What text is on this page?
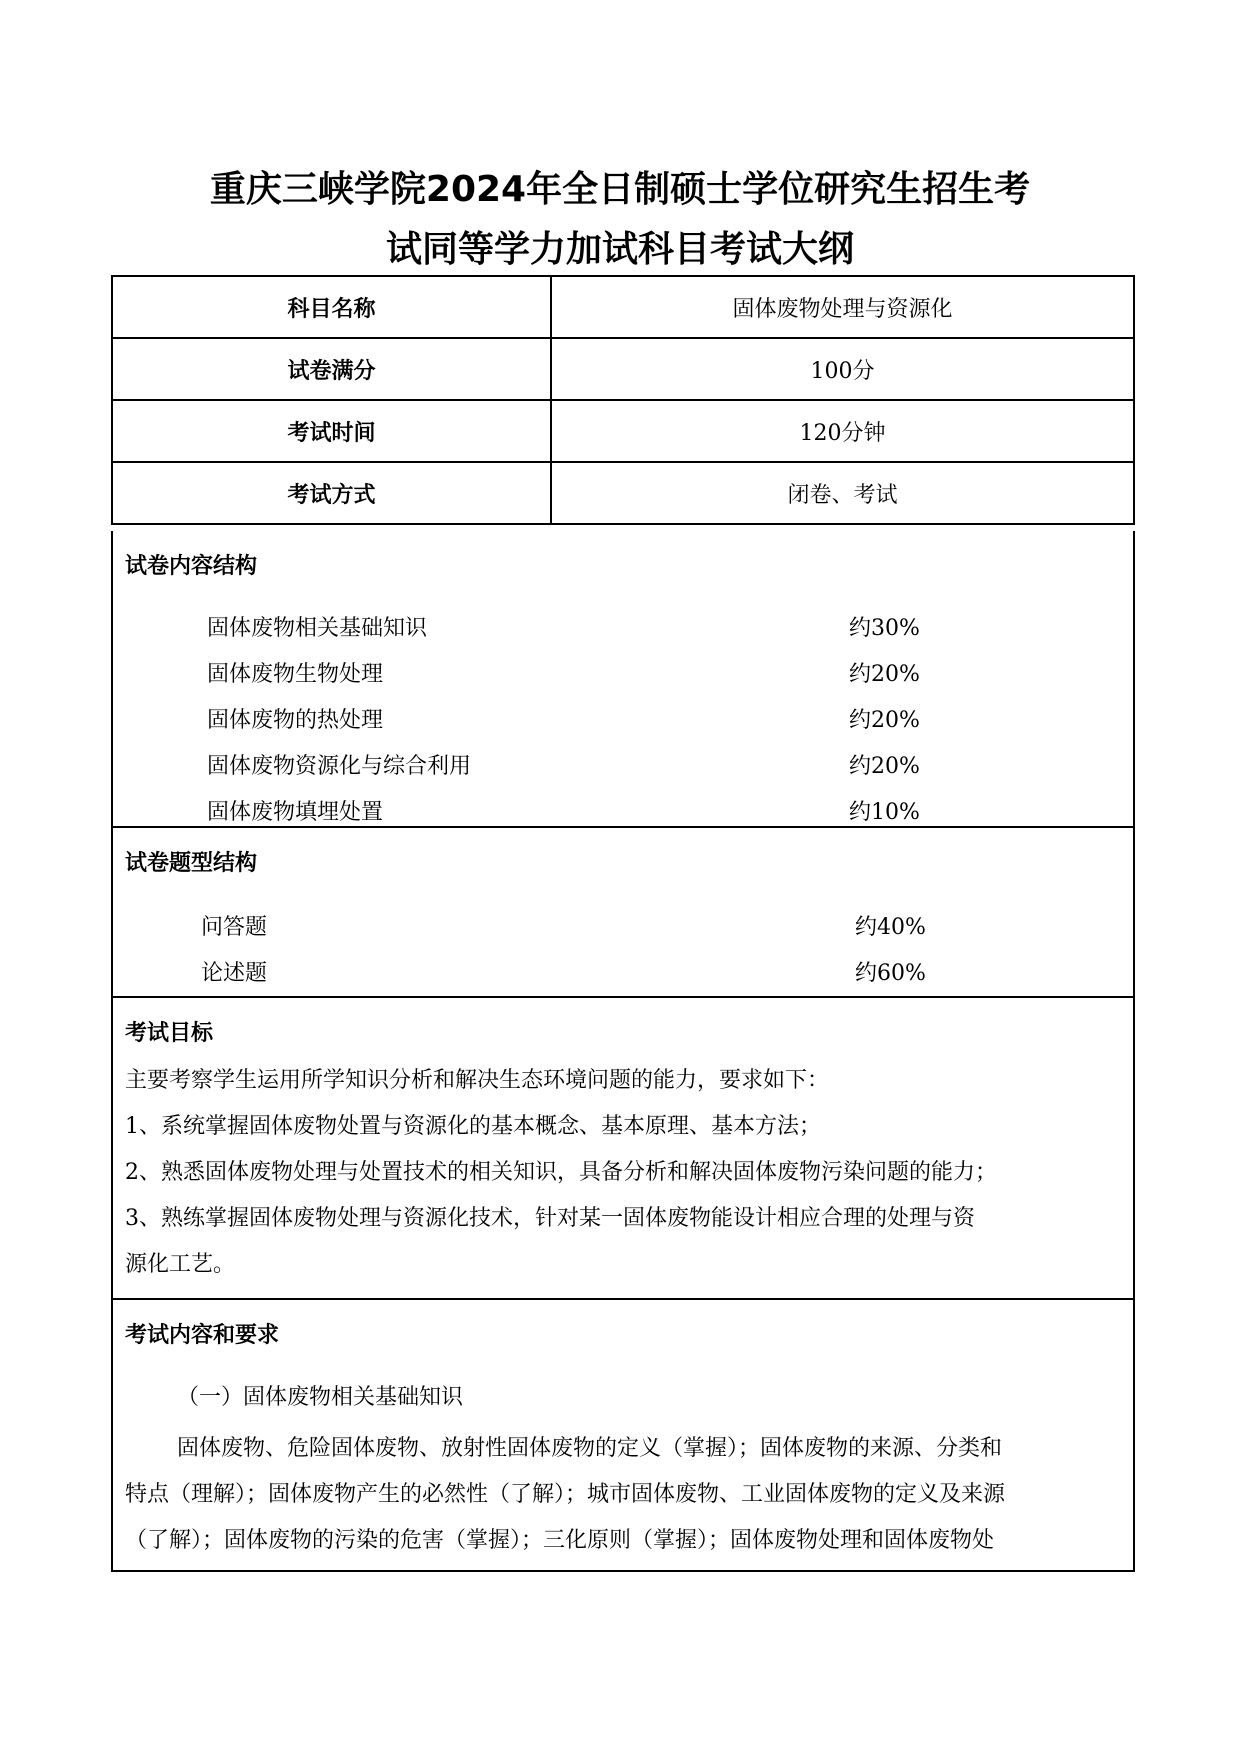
重庆三峡学院2024年全日制硕士学位研究生招生考
试同等学力加试科目考试大纲
科目名称	固体废物处理与资源化
试卷满分	100分
考试时间	120分钟
考试方式	闭卷、考试
试卷内容结构
固体废物相关基础知识	约30%
固体废物生物处理	约20%
固体废物的热处理	约20%
固体废物资源化与综合利用	约20%
固体废物填埋处置	约10%
试卷题型结构
问答题	约40%
论述题	约60%
考试目标
主要考察学生运用所学知识分析和解决生态环境问题的能力，要求如下：
1、系统掌握固体废物处置与资源化的基本概念、基本原理、基本方法；
2、熟悉固体废物处理与处置技术的相关知识，具备分析和解决固体废物污染问题的能力；
3、熟练掌握固体废物处理与资源化技术，针对某一固体废物能设计相应合理的处理与资
源化工艺。
考试内容和要求
（一）固体废物相关基础知识
固体废物、危险固体废物、放射性固体废物的定义（掌握）；固体废物的来源、分类和
特点（理解）；固体废物产生的必然性（了解）；城市固体废物、工业固体废物的定义及来源
（了解）；固体废物的污染的危害（掌握）；三化原则（掌握）；固体废物处理和固体废物处
